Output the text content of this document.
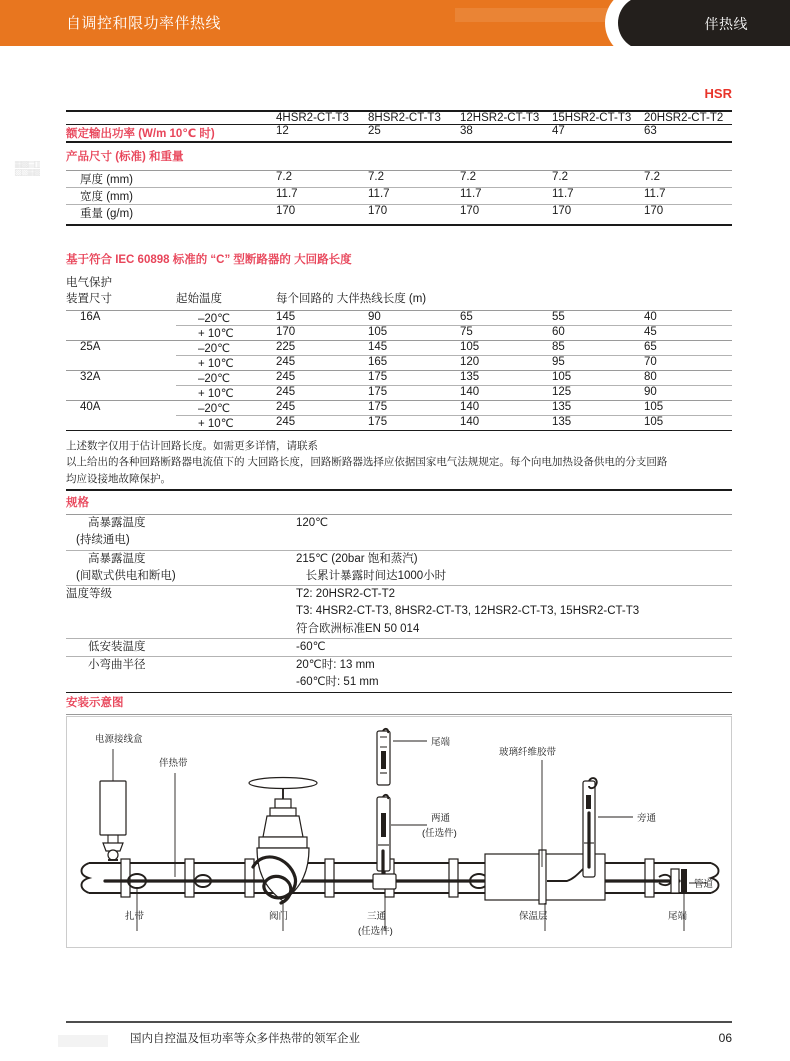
自调控和限功率伴热线	伴热线
▦▩▤▥▨▧▦▩
HSR
	4HSR2-CT-T3	8HSR2-CT-T3	12HSR2-CT-T3	15HSR2-CT-T3	20HSR2-CT-T2
额定输出功率 (W/m 10℃ 时)	12	25	38	47	63
产品尺寸 (标准) 和重量
厚度 (mm)	7.2	7.2	7.2	7.2	7.2

宽度 (mm)	11.7	11.7	11.7	11.7	11.7

重量 (g/m)	170	170	170	170	170
基于符合 IEC 60898 标准的 “C” 型断路器的 大回路长度
电气保护
装置尺寸	起始温度	每个回路的 大伴热线长度 (m)				

16A	–20℃	145	90	65	55	40

	+ 10℃	170	105	75	60	45

25A	–20℃	225	145	105	85	65

	+ 10℃	245	165	120	95	70

32A	–20℃	245	175	135	105	80

	+ 10℃	245	175	140	125	90

40A	–20℃	245	175	140	135	105

	+ 10℃	245	175	140	135	105
上述数字仅用于估计回路长度。如需更多详情，请联系
以上给出的各种回路断路器电流值下的 大回路长度，回路断路器选择应依据国家电气法规规定。每个向电加热设备供电的分支回路
均应设接地故障保护。
规格
高暴露温度
(持续通电)	120℃

高暴露温度
(间歇式供电和断电)	215℃ (20bar 饱和蒸汽)
长累计暴露时间达1000小时

温度等级	T2: 20HSR2-CT-T2
T3: 4HSR2-CT-T3, 8HSR2-CT-T3, 12HSR2-CT-T3, 15HSR2-CT-T3
符合欧洲标准EN 50 014

低安装温度	-60℃

小弯曲半径	20℃时: 13 mm
-60℃时: 51 mm
安装示意图
电源接线盒
伴热带
扎带	阀门
尾端
两通
(任选件)
三通
(任选件)
玻璃纤维胶带
旁通
保温层
管道
尾端
国内自控温及恒功率等众多伴热带的领军企业	06
